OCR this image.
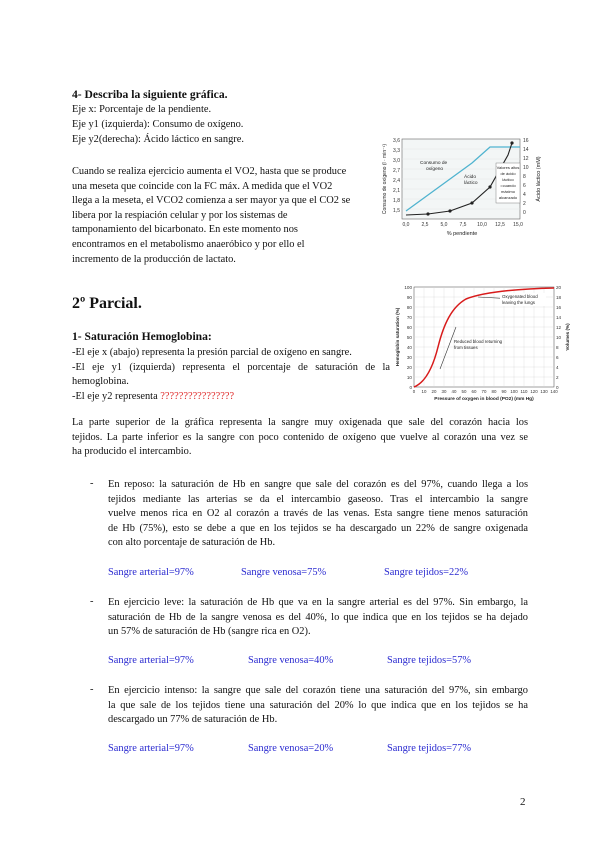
4- Describa la siguiente gráfica.
Eje x: Porcentaje de la pendiente.
Eje y1 (izquierda): Consumo de oxígeno.
Eje y2(derecha): Ácido láctico en sangre.
Cuando se realiza ejercicio aumenta el VO2, hasta que se produce
una meseta que coincide con la FC máx. A medida que el VO2
llega a la meseta, el VCO2 comienza a ser mayor ya que el CO2 se
libera por la respiación celular y por los sistemas de
tamponamiento del bicarbonato. En este momento nos
encontramos en el metabolismo anaeróbico y por ello el
incremento de la producción de lactato.
3,6
3,3
3,0
2,7
2,4
2,1
1,8
1,5
16
14
12
10
8
6
4
2
0
0,0 2,5 5,0 7,5 10,0 12,5 15,0
% pendiente
Consumo de oxígeno (l · min⁻¹)	Ácido láctico (mM)
Consumo de
oxígeno
Ácido
láctico
Valores altos
de ácido
láctico
=cuando
máximo
alcanzado
2º Parcial.
1- Saturación Hemoglobina:
-El eje x (abajo) representa la presión parcial de oxígeno en sangre.
-El eje y1 (izquierda) representa el porcentaje de saturación de la
hemoglobina.
-El eje y2 representa ????????????????
100
90
80
70
60
50
40
30
20
10
0
20
18
16
14
12
10
8
6
4
2
0
0 10 20 30 40 50 60 70 80 90 100 110 120 130 140
Pressure of oxygen in blood (PO2) (mm Hg)
Hemoglobin saturation (%)	Volumes (%)
Oxygenated blood
leaving the lungs
Reduced blood returning
from tissues
La parte superior de la gráfica representa la sangre muy oxigenada que sale del corazón hacia los
tejidos. La parte inferior es la sangre con poco contenido de oxígeno que vuelve al corazón una vez se
ha producido el intercambio.
- En reposo: la saturación de Hb en sangre que sale del corazón es del 97%, cuando llega a los
tejidos mediante las arterias se da el intercambio gaseoso. Tras el intercambio la sangre
vuelve menos rica en O2 al corazón a través de las venas. Esta sangre tiene menos saturación
de Hb (75%), esto se debe a que en los tejidos se ha descargado un 22% de sangre oxigenada
con alto porcentaje de saturación de Hb.
Sangre arterial=97%	Sangre venosa=75%	Sangre tejidos=22%
- En ejercicio leve: la saturación de Hb que va en la sangre arterial es del 97%. Sin embargo, la
saturación de Hb de la sangre venosa es del 40%, lo que indica que en los tejidos se ha dejado
un 57% de saturación de Hb (sangre rica en O2).
Sangre arterial=97%	Sangre venosa=40%	Sangre tejidos=57%
- En ejercicio intenso: la sangre que sale del corazón tiene una saturación del 97%, sin embargo
la que sale de los tejidos tiene una saturación del 20% lo que indica que en los tejidos se ha
descargado un 77% de saturación de Hb.
Sangre arterial=97%	Sangre venosa=20%	Sangre tejidos=77%
2
